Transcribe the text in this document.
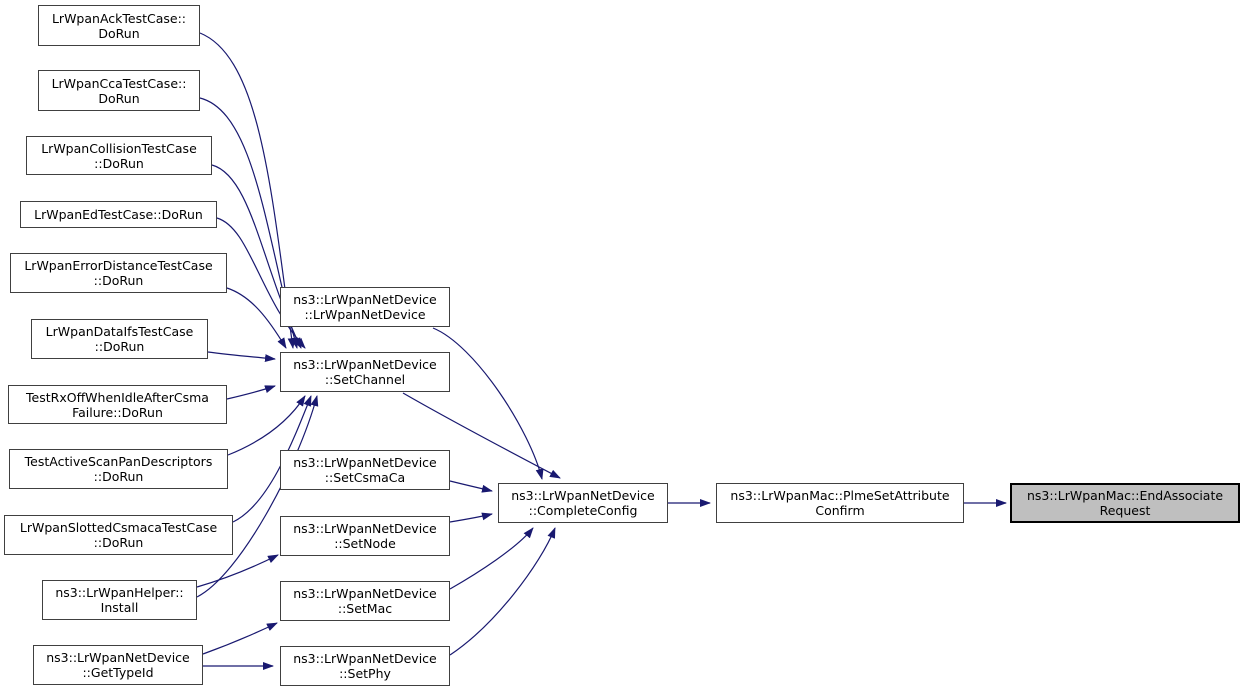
LrWpanAckTestCase::
DoRun
LrWpanCcaTestCase::
DoRun
LrWpanCollisionTestCase
::DoRun
LrWpanEdTestCase::DoRun
LrWpanErrorDistanceTestCase
::DoRun
LrWpanDataIfsTestCase
::DoRun
TestRxOffWhenIdleAfterCsma
Failure::DoRun
TestActiveScanPanDescriptors
::DoRun
LrWpanSlottedCsmacaTestCase
::DoRun
ns3::LrWpanHelper::
Install
ns3::LrWpanNetDevice
::GetTypeId
ns3::LrWpanNetDevice
::LrWpanNetDevice
ns3::LrWpanNetDevice
::SetChannel
ns3::LrWpanNetDevice
::SetCsmaCa
ns3::LrWpanNetDevice
::SetNode
ns3::LrWpanNetDevice
::SetMac
ns3::LrWpanNetDevice
::SetPhy
ns3::LrWpanNetDevice
::CompleteConfig
ns3::LrWpanMac::PlmeSetAttribute
Confirm
ns3::LrWpanMac::EndAssociate
Request
